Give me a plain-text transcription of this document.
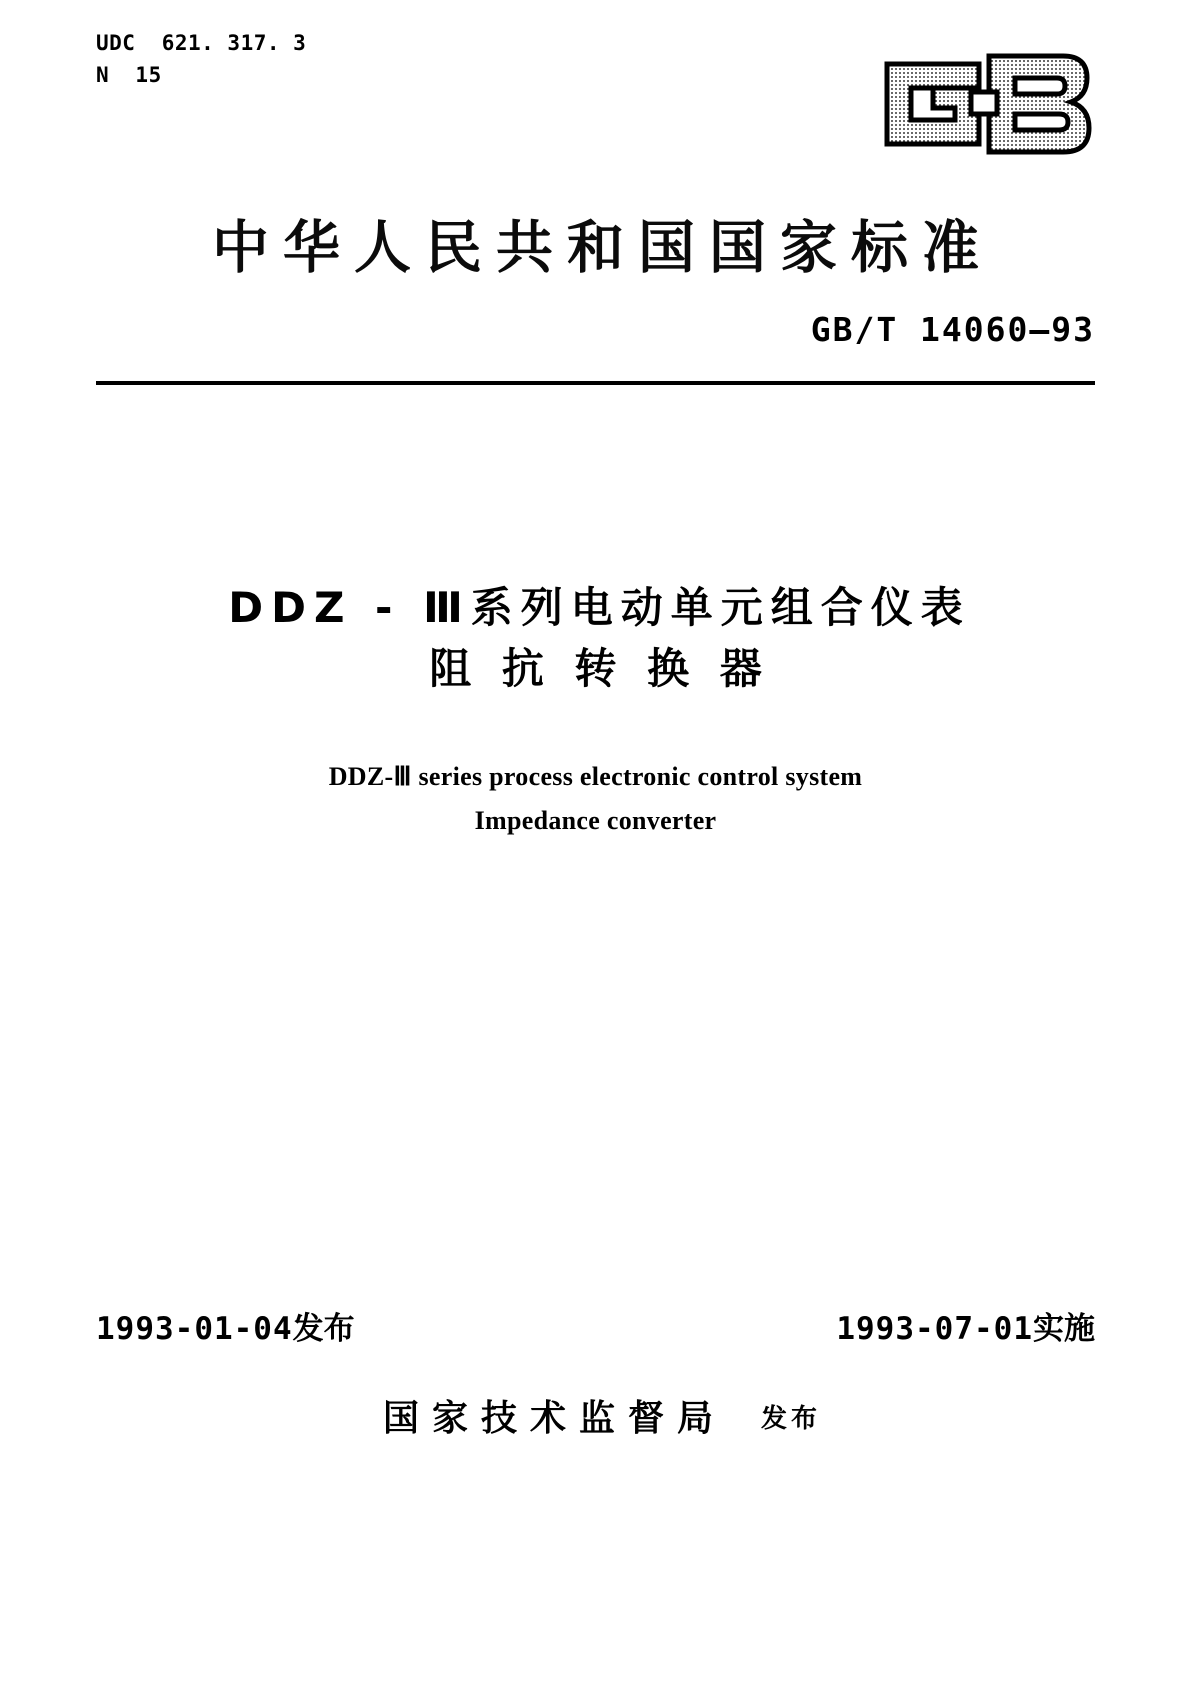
UDC  621. 317. 3
N  15
中华人民共和国国家标准
GB/T 14060—93
DDZ - Ⅲ系列电动单元组合仪表
阻 抗 转 换 器
DDZ-Ⅲ series process electronic control system
Impedance converter
1993-01-04发布	1993-07-01实施
国家技术监督局 发布
